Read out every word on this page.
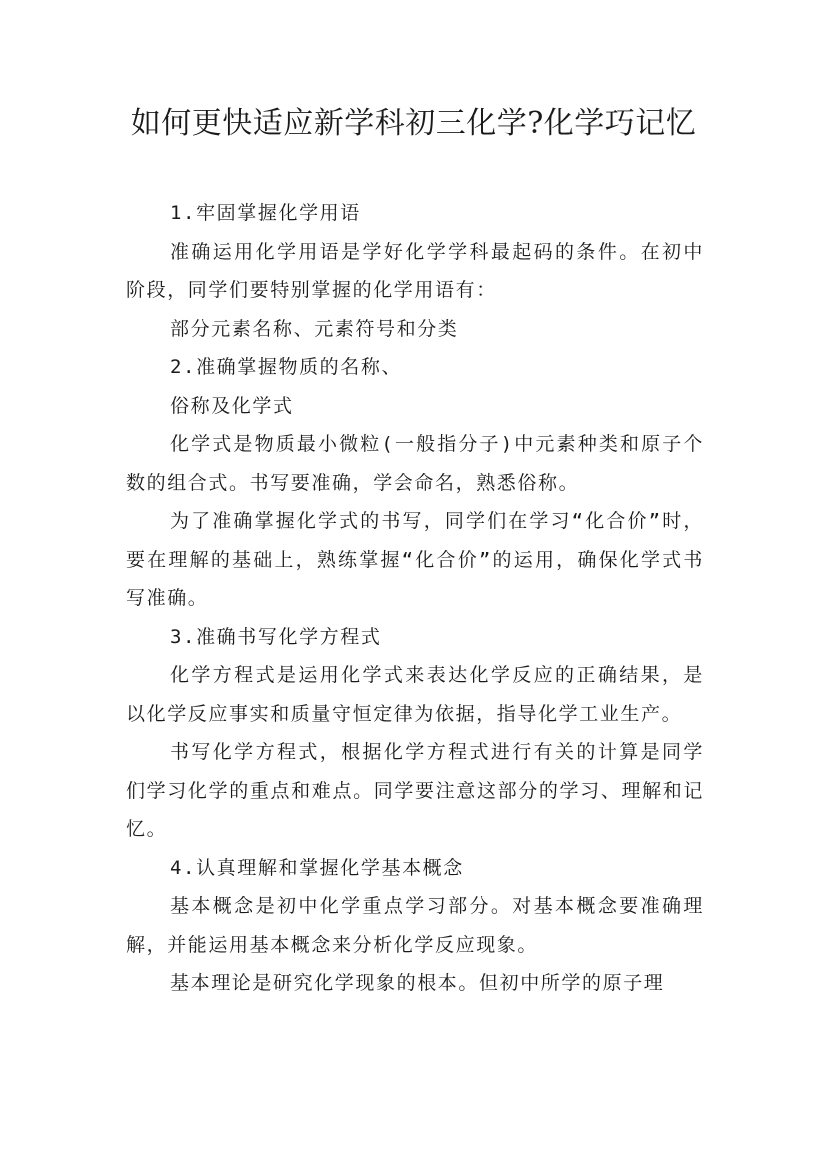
如何更快适应新学科初三化学?化学巧记忆

1.牢固掌握化学用语

准确运用化学用语是学好化学学科最起码的条件。在初中阶段，同学们要特别掌握的化学用语有：

部分元素名称、元素符号和分类

2.准确掌握物质的名称、

俗称及化学式

化学式是物质最小微粒(一般指分子)中元素种类和原子个数的组合式。书写要准确，学会命名，熟悉俗称。

为了准确掌握化学式的书写，同学们在学习“化合价”时，要在理解的基础上，熟练掌握“化合价”的运用，确保化学式书写准确。

3.准确书写化学方程式

化学方程式是运用化学式来表达化学反应的正确结果，是以化学反应事实和质量守恒定律为依据，指导化学工业生产。

书写化学方程式，根据化学方程式进行有关的计算是同学们学习化学的重点和难点。同学要注意这部分的学习、理解和记忆。

4.认真理解和掌握化学基本概念

基本概念是初中化学重点学习部分。对基本概念要准确理解，并能运用基本概念来分析化学反应现象。

基本理论是研究化学现象的根本。但初中所学的原子理
